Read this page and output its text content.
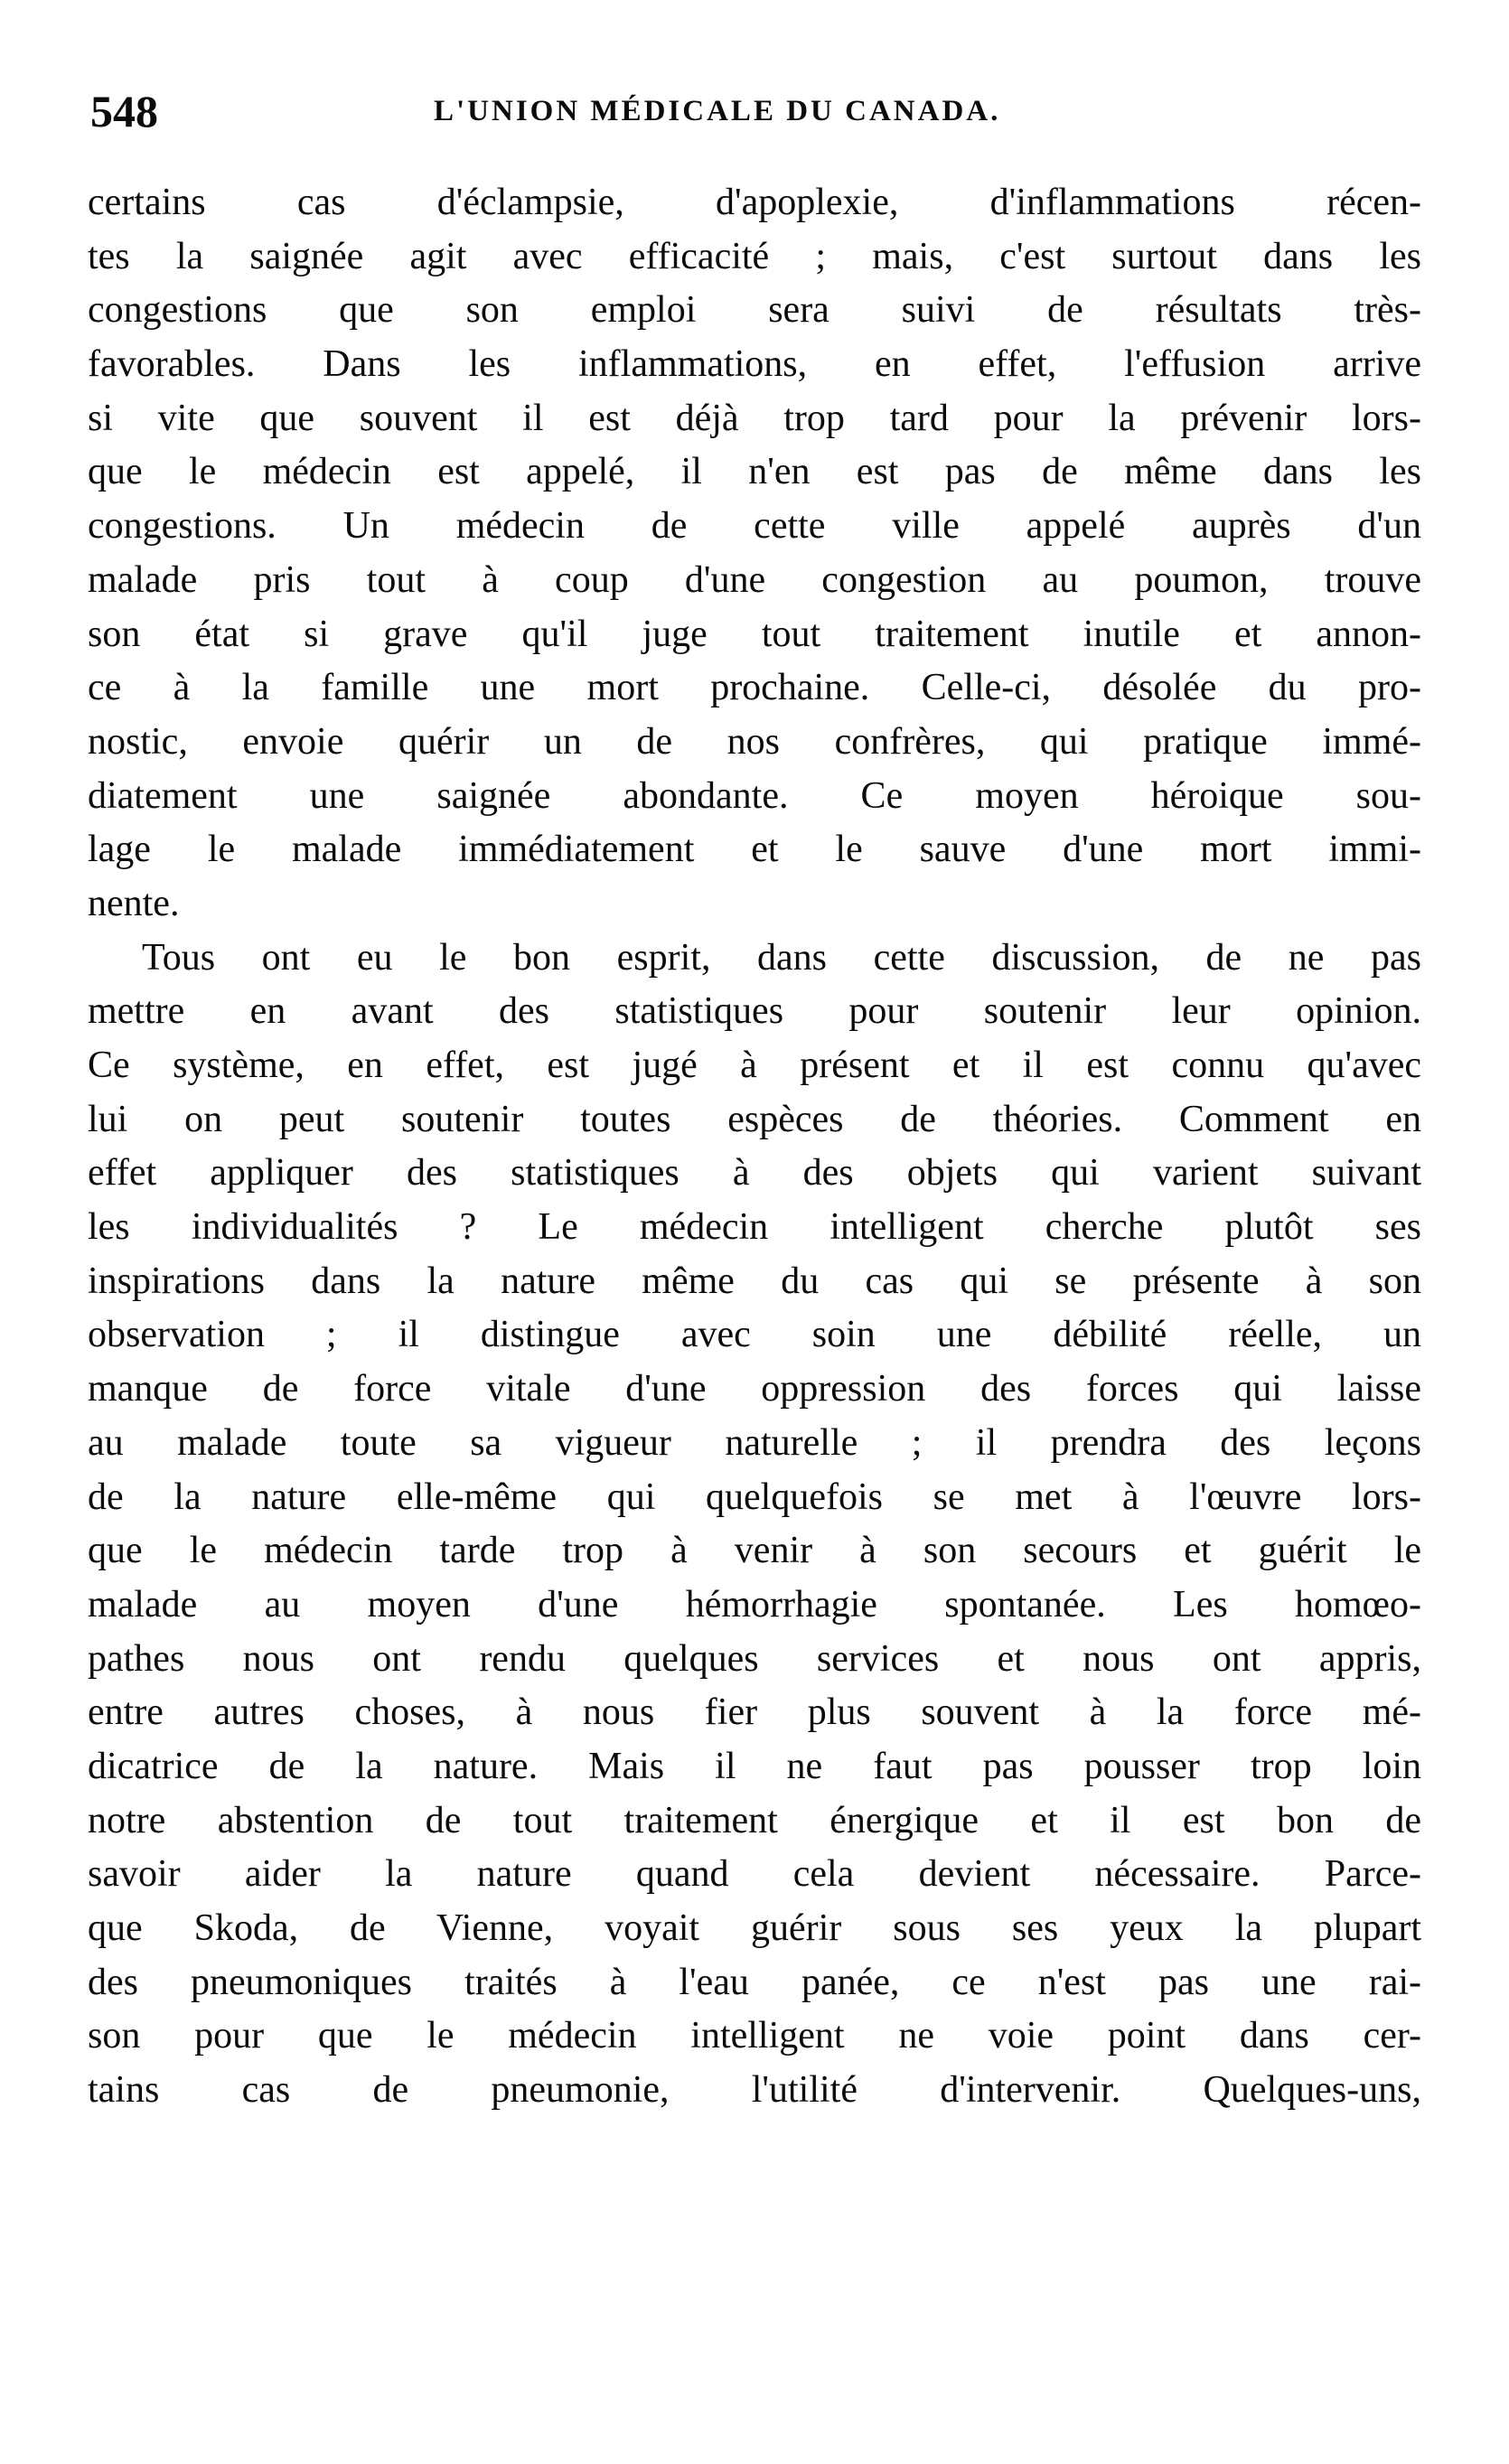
548	L'UNION MÉDICALE DU CANADA.
certains cas d'éclampsie, d'apoplexie, d'inflammations récen-
tes la saignée agit avec efficacité ; mais, c'est surtout dans les
congestions que son emploi sera suivi de résultats très-
favorables. Dans les inflammations, en effet, l'effusion arrive
si vite que souvent il est déjà trop tard pour la prévenir lors-
que le médecin est appelé, il n'en est pas de même dans les
congestions. Un médecin de cette ville appelé auprès d'un
malade pris tout à coup d'une congestion au poumon, trouve
son état si grave qu'il juge tout traitement inutile et annon-
ce à la famille une mort prochaine. Celle-ci, désolée du pro-
nostic, envoie quérir un de nos confrères, qui pratique immé-
diatement une saignée abondante. Ce moyen héroique sou-
lage le malade immédiatement et le sauve d'une mort immi-
nente.
Tous ont eu le bon esprit, dans cette discussion, de ne pas
mettre en avant des statistiques pour soutenir leur opinion.
Ce système, en effet, est jugé à présent et il est connu qu'avec
lui on peut soutenir toutes espèces de théories. Comment en
effet appliquer des statistiques à des objets qui varient suivant
les individualités ? Le médecin intelligent cherche plutôt ses
inspirations dans la nature même du cas qui se présente à son
observation ; il distingue avec soin une débilité réelle, un
manque de force vitale d'une oppression des forces qui laisse
au malade toute sa vigueur naturelle ; il prendra des leçons
de la nature elle-même qui quelquefois se met à l'œuvre lors-
que le médecin tarde trop à venir à son secours et guérit le
malade au moyen d'une hémorrhagie spontanée. Les homœo-
pathes nous ont rendu quelques services et nous ont appris,
entre autres choses, à nous fier plus souvent à la force mé-
dicatrice de la nature. Mais il ne faut pas pousser trop loin
notre abstention de tout traitement énergique et il est bon de
savoir aider la nature quand cela devient nécessaire. Parce-
que Skoda, de Vienne, voyait guérir sous ses yeux la plupart
des pneumoniques traités à l'eau panée, ce n'est pas une rai-
son pour que le médecin intelligent ne voie point dans cer-
tains cas de pneumonie, l'utilité d'intervenir. Quelques-uns,
